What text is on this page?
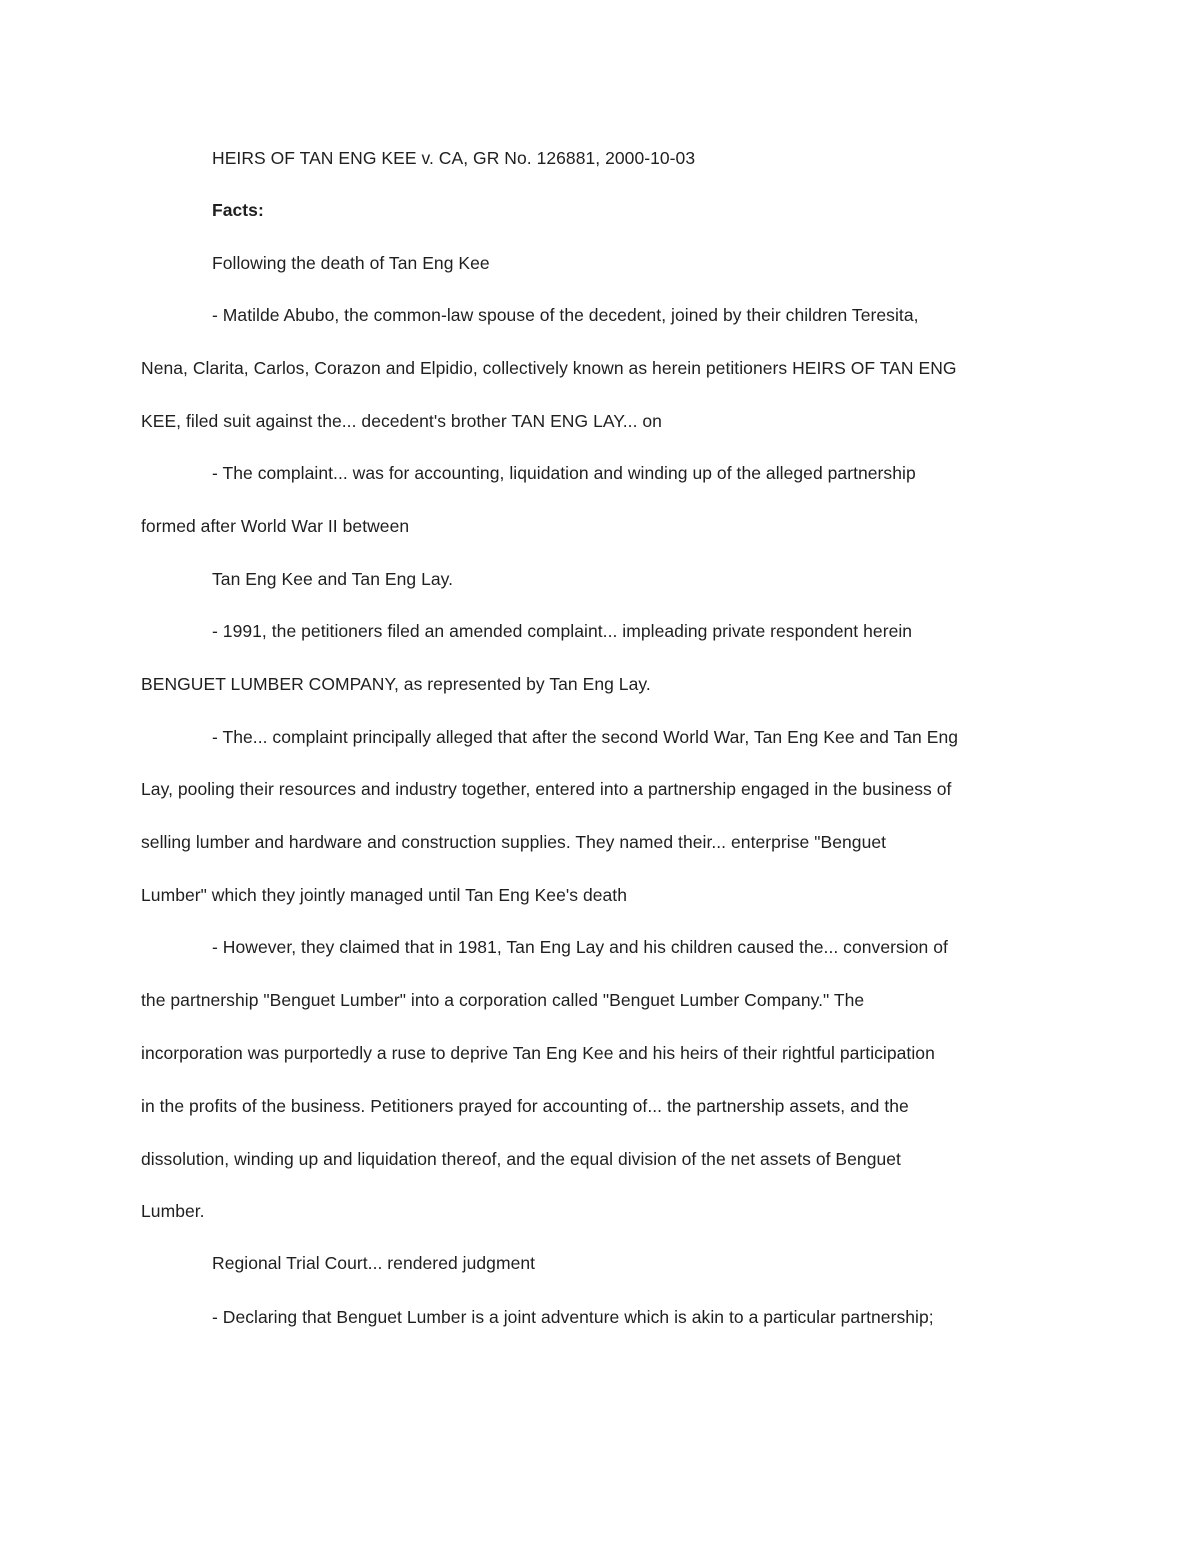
HEIRS OF TAN ENG KEE v. CA, GR No. 126881, 2000-10-03

Facts:

Following the death of Tan Eng Kee

- Matilde Abubo, the common-law spouse of the decedent, joined by their children Teresita,

Nena, Clarita, Carlos, Corazon and Elpidio, collectively known as herein petitioners HEIRS OF TAN ENG

KEE, filed suit against the... decedent's brother TAN ENG LAY... on

- The complaint... was for accounting, liquidation and winding up of the alleged partnership

formed after World War II between

Tan Eng Kee and Tan Eng Lay.

- 1991, the petitioners filed an amended complaint... impleading private respondent herein

BENGUET LUMBER COMPANY, as represented by Tan Eng Lay.

- The... complaint principally alleged that after the second World War, Tan Eng Kee and Tan Eng

Lay, pooling their resources and industry together, entered into a partnership engaged in the business of

selling lumber and hardware and construction supplies. They named their... enterprise "Benguet

Lumber" which they jointly managed until Tan Eng Kee's death

- However, they claimed that in 1981, Tan Eng Lay and his children caused the... conversion of

the partnership "Benguet Lumber" into a corporation called "Benguet Lumber Company." The

incorporation was purportedly a ruse to deprive Tan Eng Kee and his heirs of their rightful participation

in the profits of the business. Petitioners prayed for accounting of... the partnership assets, and the

dissolution, winding up and liquidation thereof, and the equal division of the net assets of Benguet

Lumber.

Regional Trial Court... rendered judgment

- Declaring that Benguet Lumber is a joint adventure which is akin to a particular partnership;
